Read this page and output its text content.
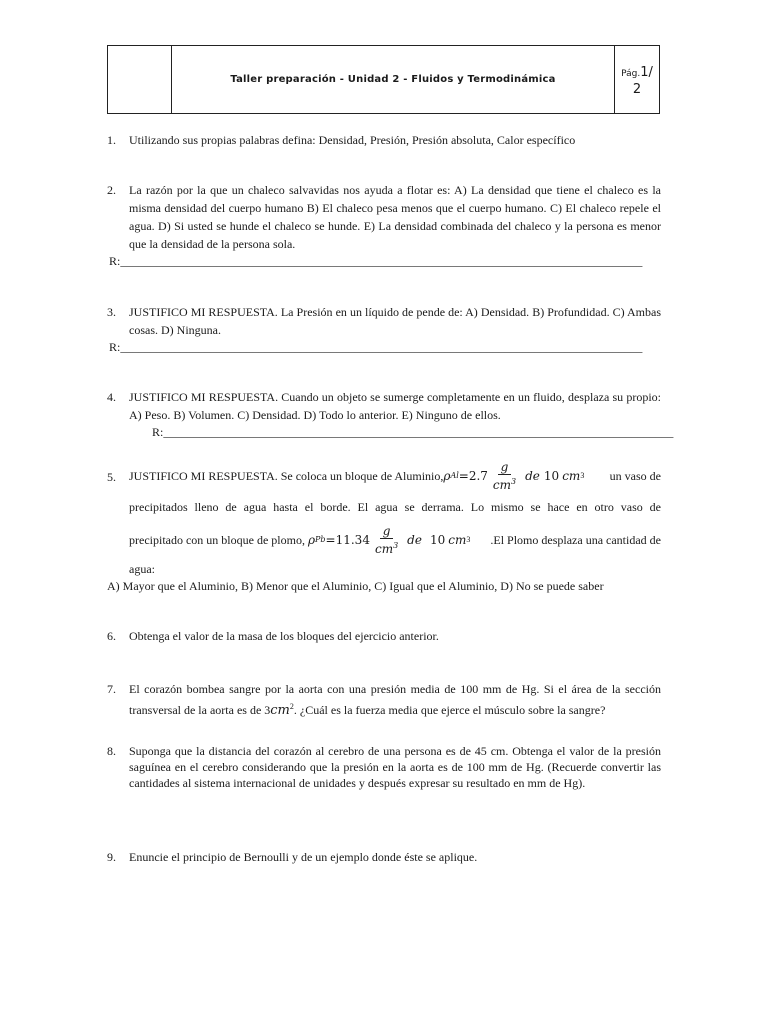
Taller preparación - Unidad 2 - Fluidos y Termodinámica
Pág.1/
2
1. Utilizando sus propias palabras defina: Densidad, Presión, Presión absoluta, Calor específico
2. La razón por la que un chaleco salvavidas nos ayuda a flotar es: A) La densidad que tiene el chaleco es la misma densidad del cuerpo humano B) El chaleco pesa menos que el cuerpo humano. C) El chaleco repele el agua. D) Si usted se hunde el chaleco se hunde. E) La densidad combinada del chaleco y la persona es menor que la densidad de la persona sola.
R:_______________________________________________________________________________________
3. JUSTIFICO MI RESPUESTA. La Presión en un líquido de pende de: A) Densidad. B) Profundidad. C) Ambas cosas. D) Ninguna.
R:_______________________________________________________________________________________
4. JUSTIFICO MI RESPUESTA. Cuando un objeto se sumerge completamente en un fluido, desplaza su propio: A) Peso. B) Volumen. C) Densidad. D) Todo lo anterior. E) Ninguno de ellos.
R:_____________________________________________________________________________________
5. JUSTIFICO MI RESPUESTA. Se coloca un bloque de Aluminio, ρ $Al =2.7 \frac{g}{cm^3}$ de 10
cm 3
	un vaso de
precipitados lleno de agua hasta el borde. El agua se derrama. Lo mismo se hace en otro vaso de
precipitado con un bloque de plomo,
ρ $Pb =11.34 \frac{g}{cm^3}$ de 10
cm 3	.El Plomo desplaza una cantidad de
agua:
A) Mayor que el Aluminio, B) Menor que el Aluminio, C) Igual que el Aluminio, D) No se puede saber
6. Obtenga el valor de la masa de los bloques del ejercicio anterior.
7. El corazón bombea sangre por la aorta con una presión media de 100 mm de Hg. Si el área de la sección transversal de la aorta es de $3cm^2$. ¿Cuál es la fuerza media que ejerce el músculo sobre la sangre?
8. Suponga que la distancia del corazón al cerebro de una persona es de 45 cm. Obtenga el valor de la presión saguínea en el cerebro considerando que la presión en la aorta es de 100 mm de Hg. (Recuerde convertir las cantidades al sistema internacional de unidades y después expresar su resultado en mm de Hg).
9. Enuncie el principio de Bernoulli y de un ejemplo donde éste se aplique.
